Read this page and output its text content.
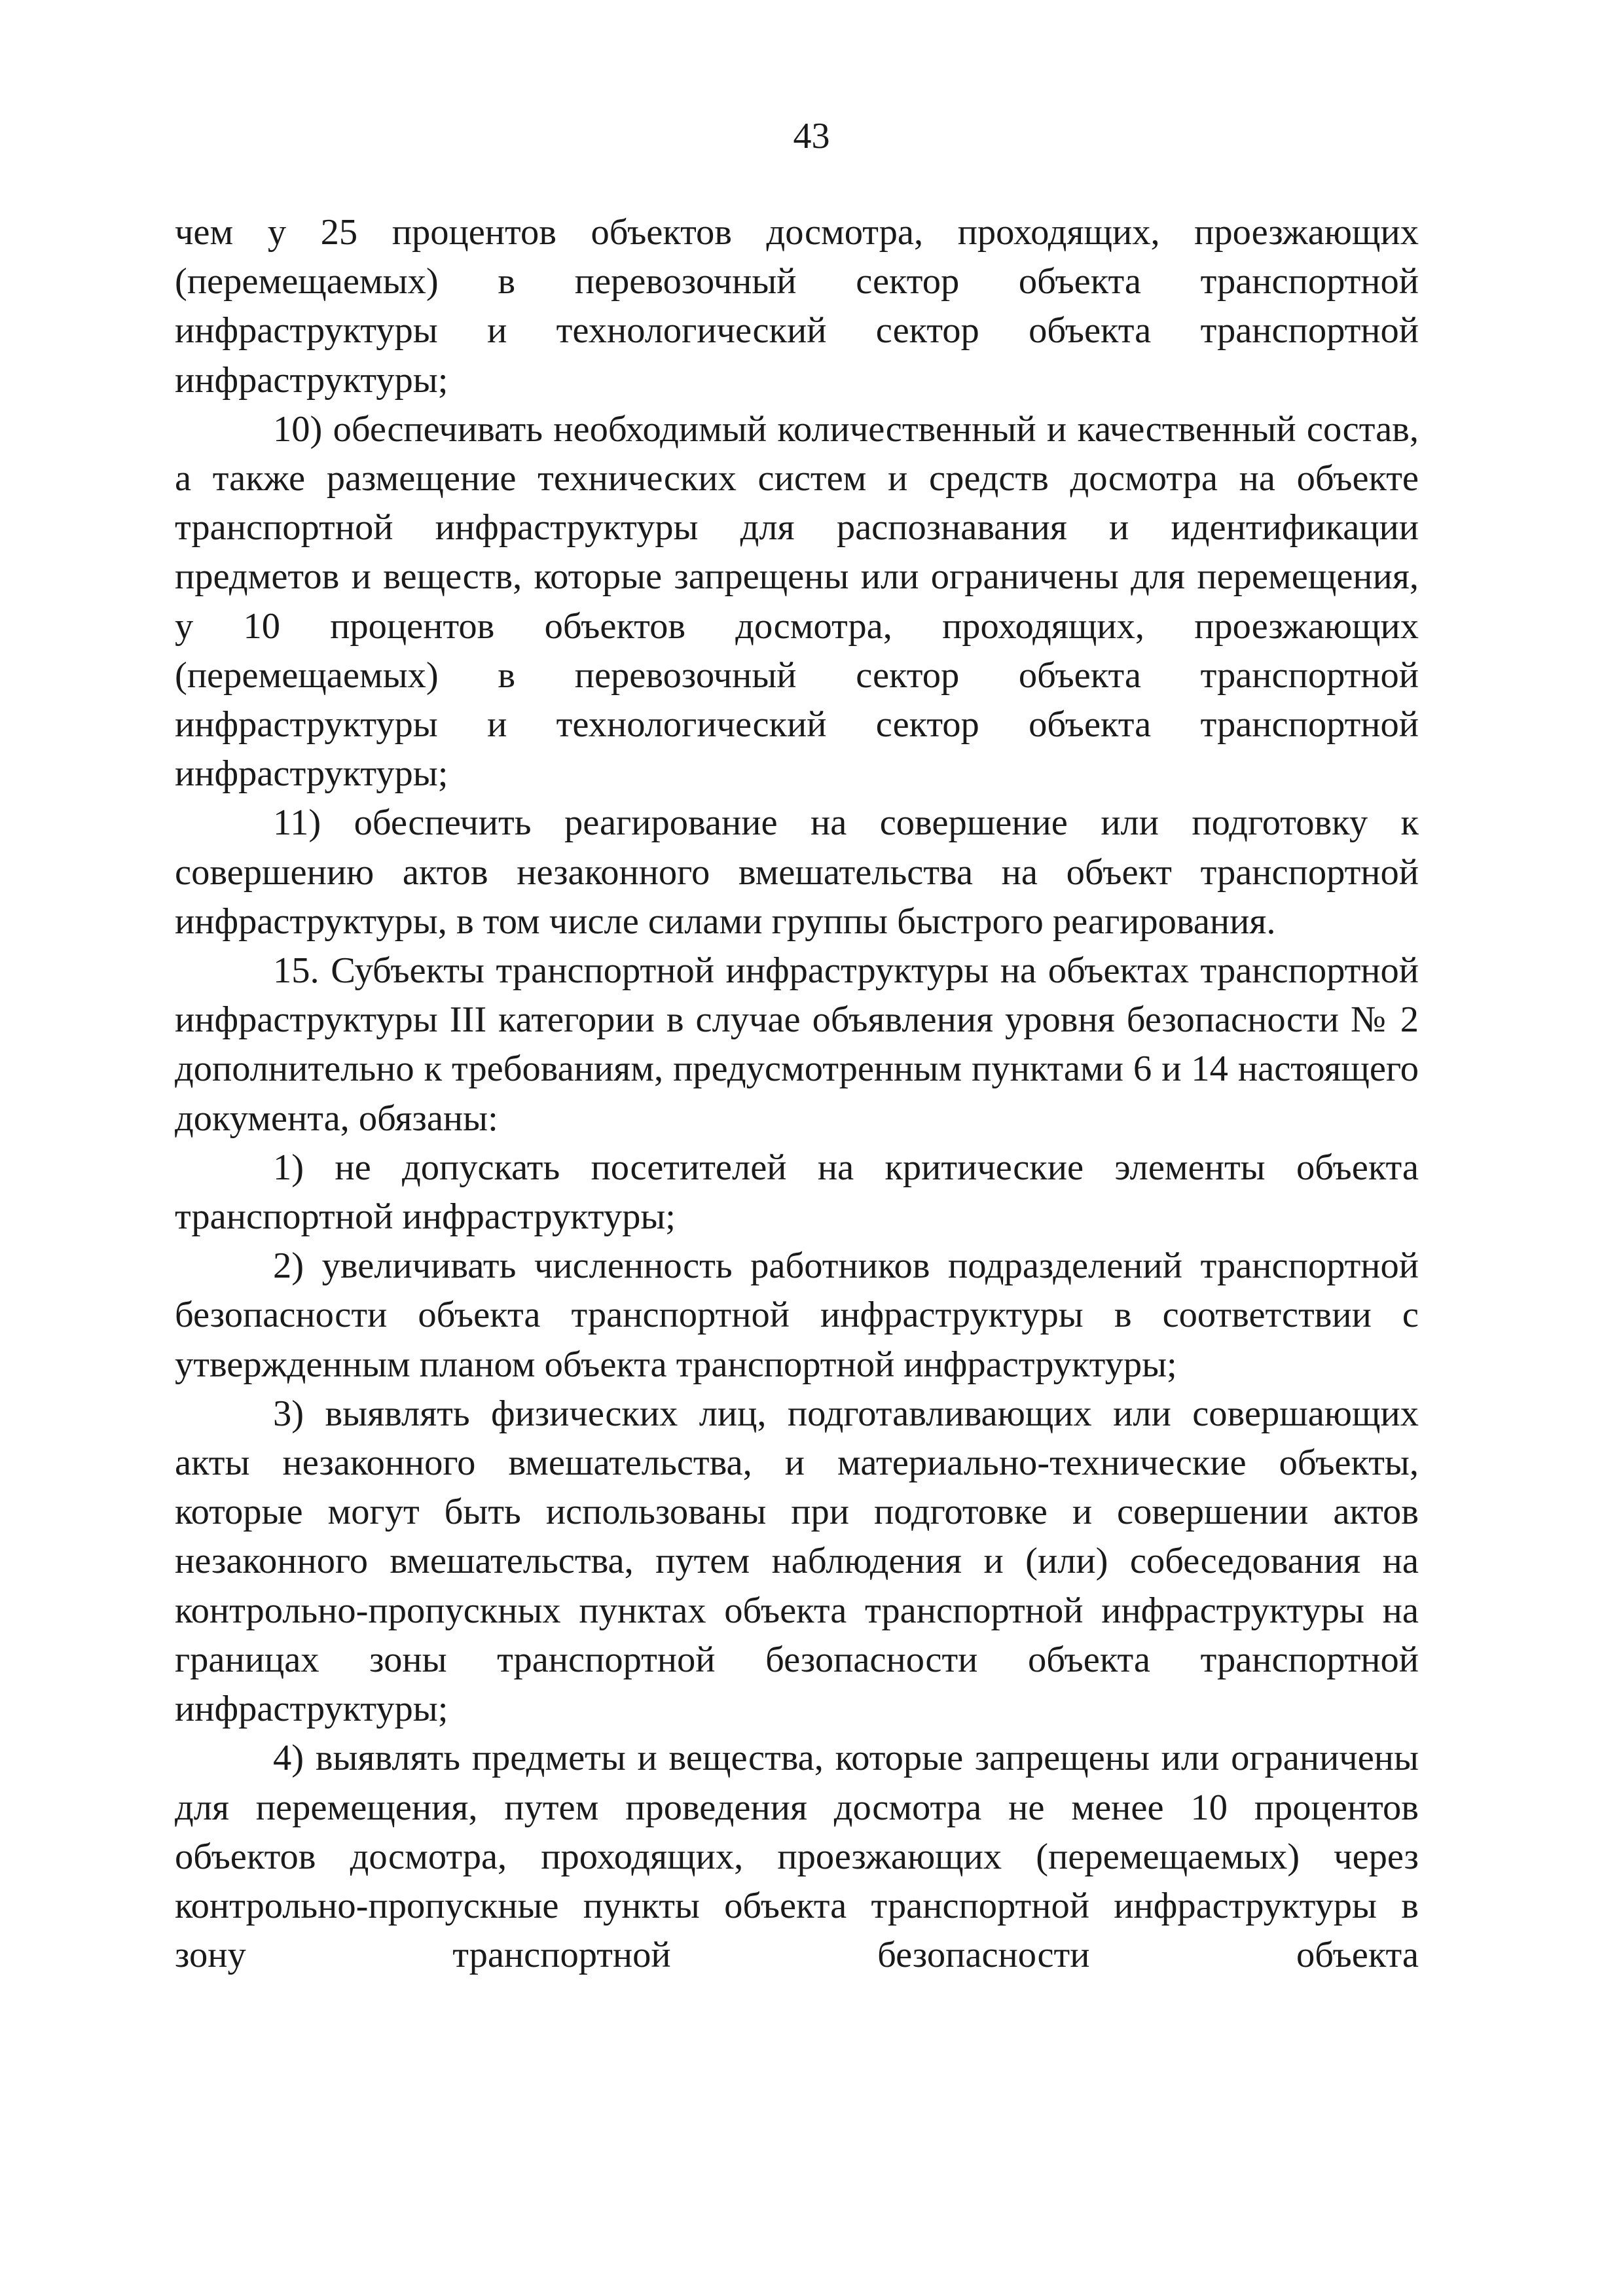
43

чем у 25 процентов объектов досмотра, проходящих, проезжающих (перемещаемых) в перевозочный сектор объекта транспортной инфраструктуры и технологический сектор объекта транспортной инфраструктуры;

10) обеспечивать необходимый количественный и качественный состав, а также размещение технических систем и средств досмотра на объекте транспортной инфраструктуры для распознавания и идентификации предметов и веществ, которые запрещены или ограничены для перемещения, у 10 процентов объектов досмотра, проходящих, проезжающих (перемещаемых) в перевозочный сектор объекта транспортной инфраструктуры и технологический сектор объекта транспортной инфраструктуры;

11) обеспечить реагирование на совершение или подготовку к совершению актов незаконного вмешательства на объект транспортной инфраструктуры, в том числе силами группы быстрого реагирования.

15. Субъекты транспортной инфраструктуры на объектах транспортной инфраструктуры III категории в случае объявления уровня безопасности № 2 дополнительно к требованиям, предусмотренным пунктами 6 и 14 настоящего документа, обязаны:

1) не допускать посетителей на критические элементы объекта транспортной инфраструктуры;

2) увеличивать численность работников подразделений транспортной безопасности объекта транспортной инфраструктуры в соответствии с утвержденным планом объекта транспортной инфраструктуры;

3) выявлять физических лиц, подготавливающих или совершающих акты незаконного вмешательства, и материально-технические объекты, которые могут быть использованы при подготовке и совершении актов незаконного вмешательства, путем наблюдения и (или) собеседования на контрольно-пропускных пунктах объекта транспортной инфраструктуры на границах зоны транспортной безопасности объекта транспортной инфраструктуры;

4) выявлять предметы и вещества, которые запрещены или ограничены для перемещения, путем проведения досмотра не менее 10 процентов объектов досмотра, проходящих, проезжающих (перемещаемых) через контрольно-пропускные пункты объекта транспортной инфраструктуры в зону транспортной безопасности объекта
